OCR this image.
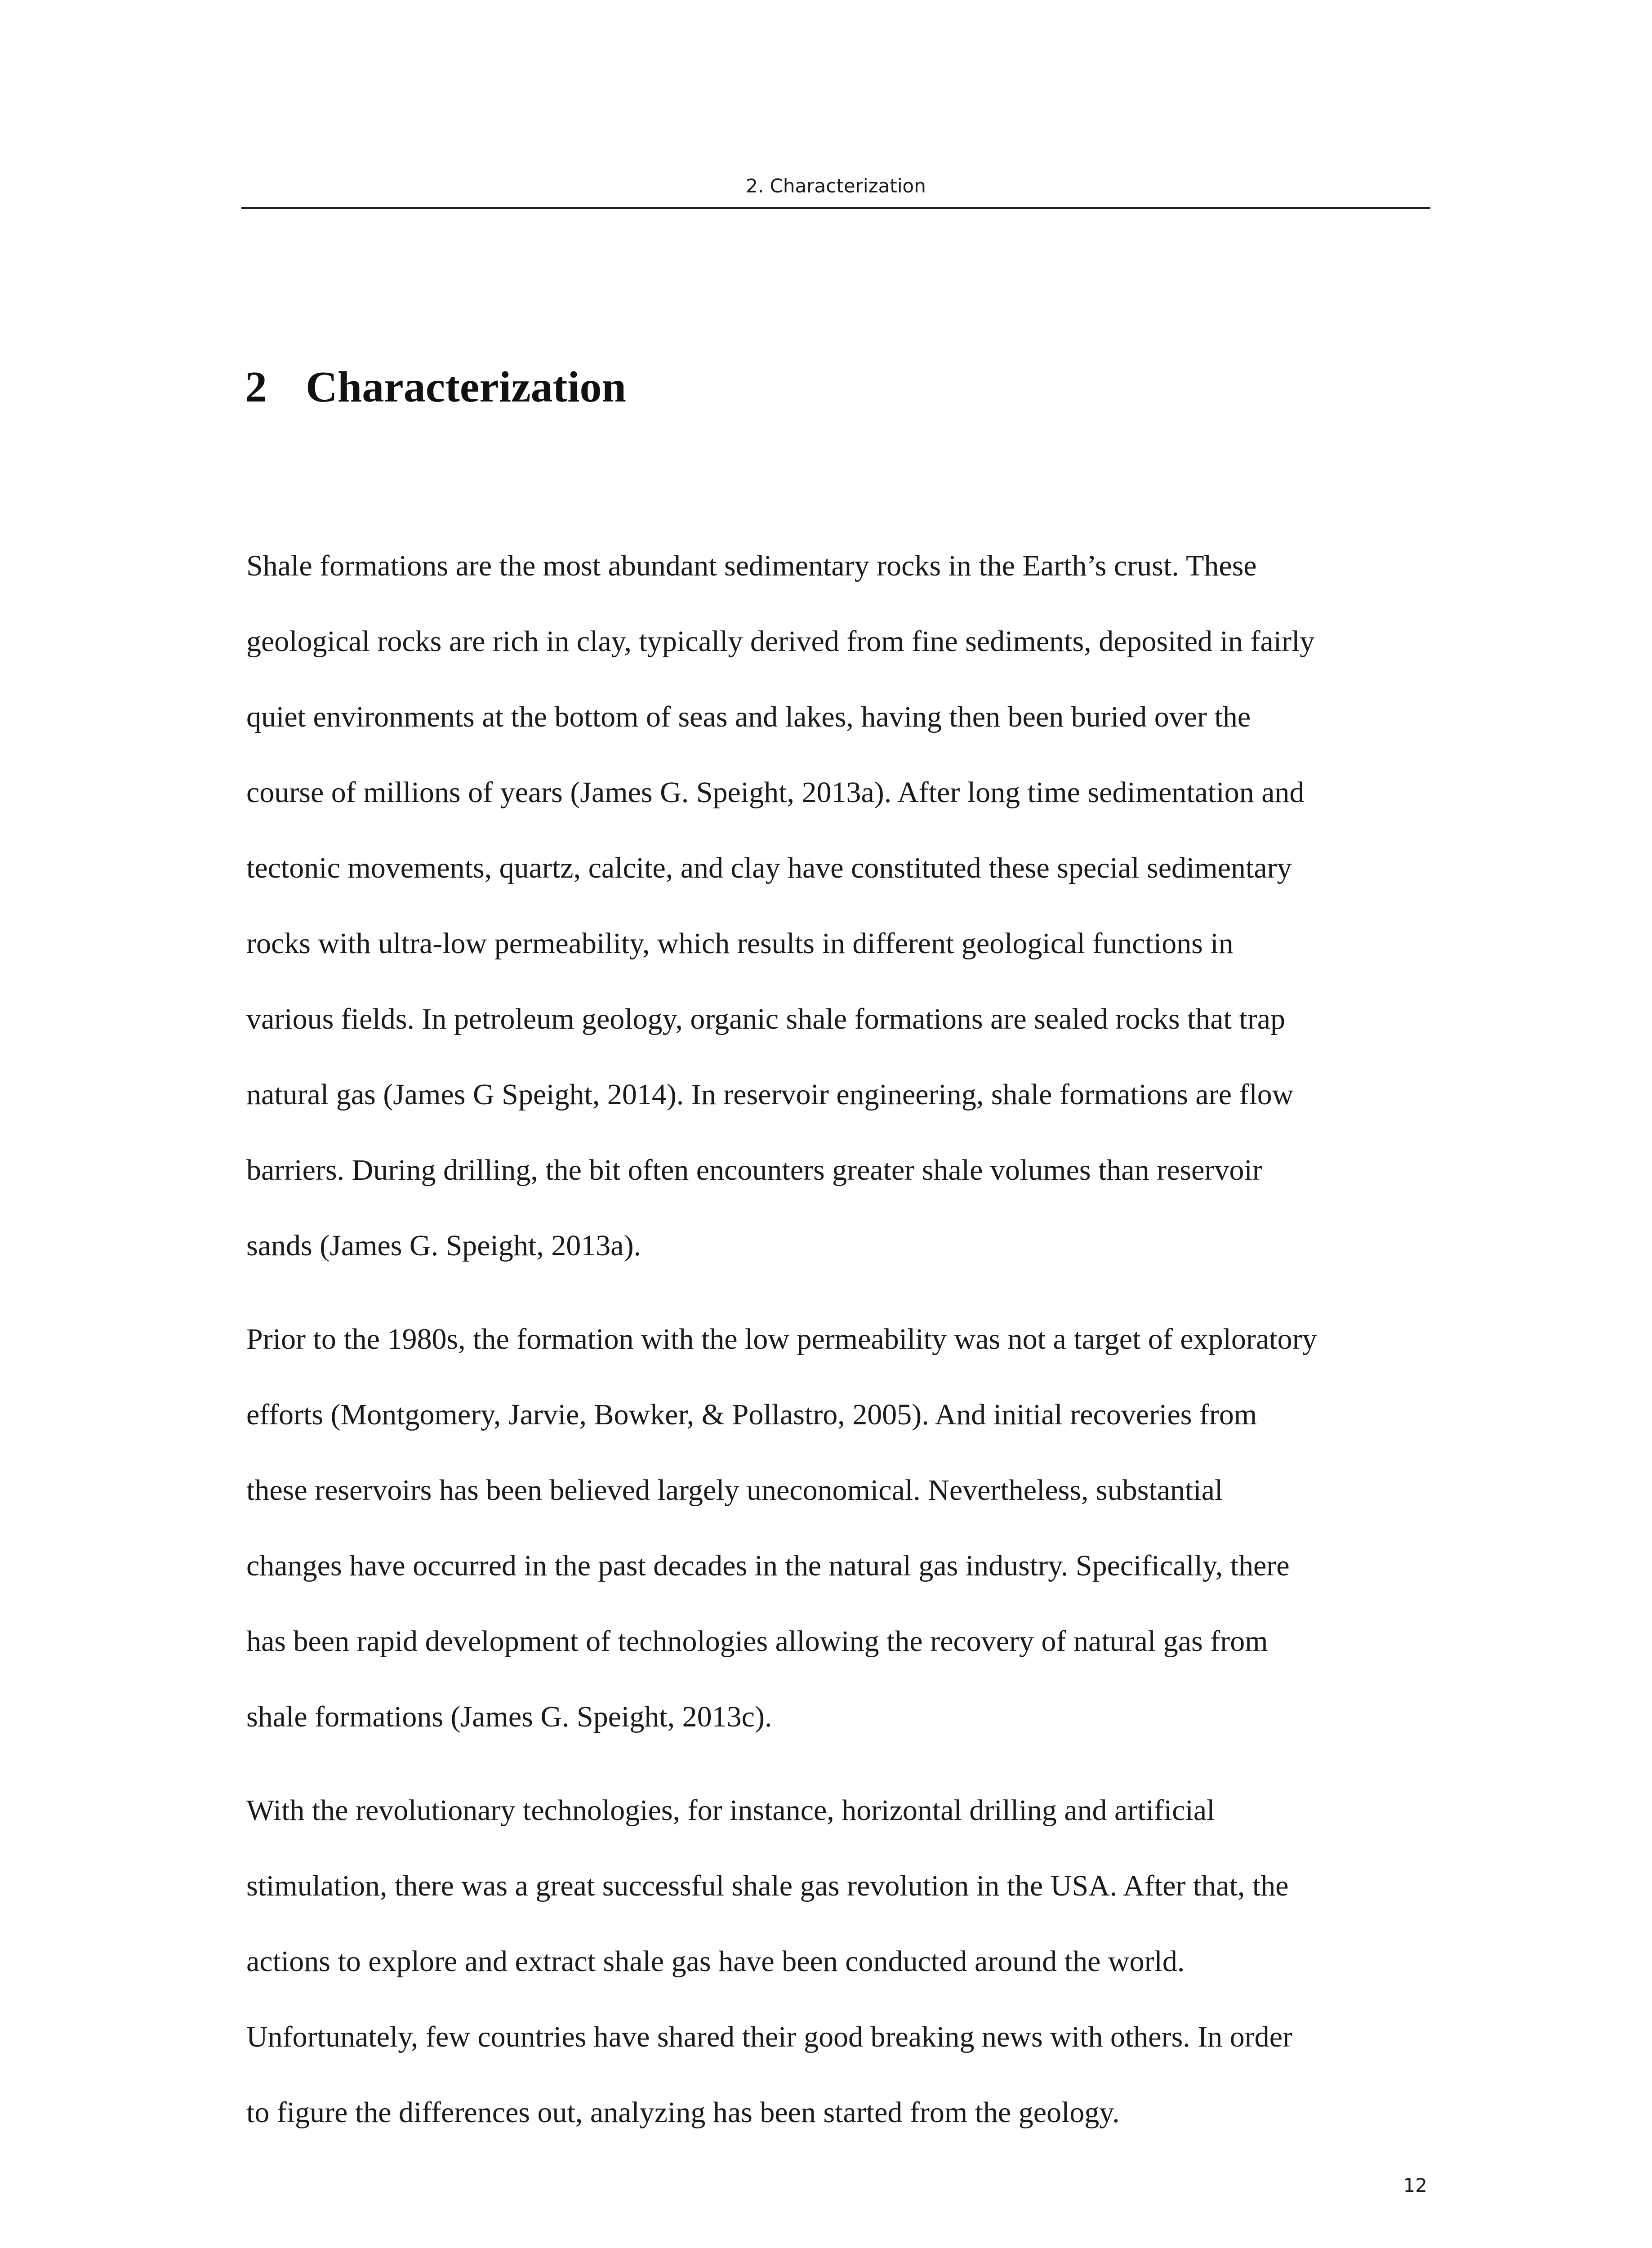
2. Characterization
2 Characterization

Shale formations are the most abundant sedimentary rocks in the Earth’s crust. These
geological rocks are rich in clay, typically derived from fine sediments, deposited in fairly
quiet environments at the bottom of seas and lakes, having then been buried over the
course of millions of years (James G. Speight, 2013a). After long time sedimentation and
tectonic movements, quartz, calcite, and clay have constituted these special sedimentary
rocks with ultra-low permeability, which results in different geological functions in
various fields. In petroleum geology, organic shale formations are sealed rocks that trap
natural gas (James G Speight, 2014). In reservoir engineering, shale formations are flow
barriers. During drilling, the bit often encounters greater shale volumes than reservoir
sands (James G. Speight, 2013a).

Prior to the 1980s, the formation with the low permeability was not a target of exploratory
efforts (Montgomery, Jarvie, Bowker, & Pollastro, 2005). And initial recoveries from
these reservoirs has been believed largely uneconomical. Nevertheless, substantial
changes have occurred in the past decades in the natural gas industry. Specifically, there
has been rapid development of technologies allowing the recovery of natural gas from
shale formations (James G. Speight, 2013c).

With the revolutionary technologies, for instance, horizontal drilling and artificial
stimulation, there was a great successful shale gas revolution in the USA. After that, the
actions to explore and extract shale gas have been conducted around the world.
Unfortunately, few countries have shared their good breaking news with others. In order
to figure the differences out, analyzing has been started from the geology.

12
